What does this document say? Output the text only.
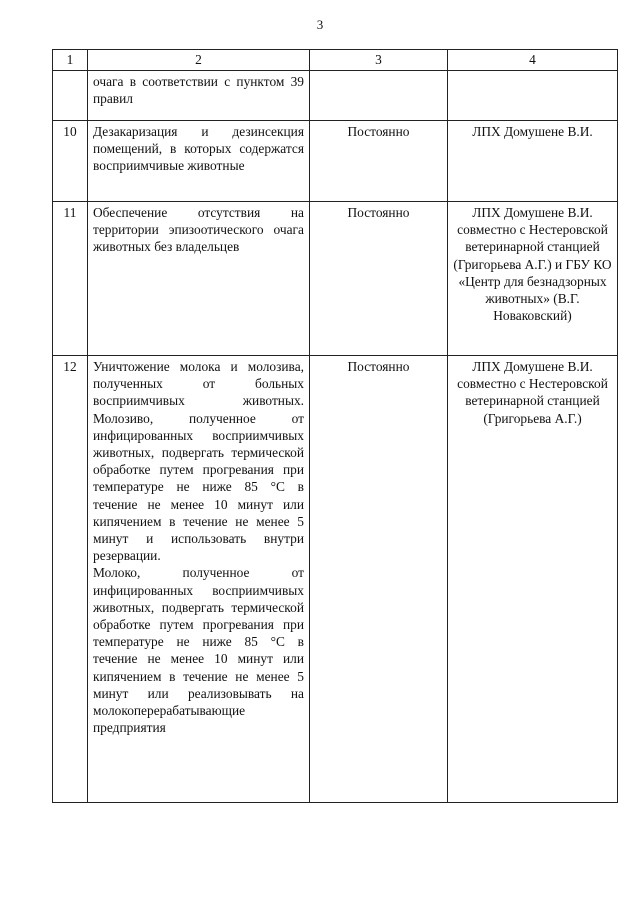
3
1	2	3	4
	очага в соответствии с пунктом 39 правил		
10	Дезакаризация и дезинсекция помещений, в которых содержатся восприимчивые животные	Постоянно	ЛПХ Домушене В.И.
11	Обеспечение отсутствия на территории эпизоотического очага животных без владельцев	Постоянно	ЛПХ Домушене В.И. совместно с Нестеровской ветеринарной станцией (Григорьева А.Г.) и ГБУ КО «Центр для безнадзорных животных» (В.Г. Новаковский)
12	Уничтожение молока и молозива, полученных от больных восприимчивых животных. Молозиво, полученное от инфицированных восприимчивых животных, подвергать термической обработке путем прогревания при температуре не ниже 85 °С в течение не менее 10 минут или кипячением в течение не менее 5 минут и использовать внутри резервации.
Молоко, полученное от инфицированных восприимчивых животных, подвергать термической обработке путем прогревания при температуре не ниже 85 °С в течение не менее 10 минут или кипячением в течение не менее 5 минут или реализовывать на молокоперерабатывающие предприятия	Постоянно	ЛПХ Домушене В.И. совместно с Нестеровской ветеринарной станцией (Григорьева А.Г.)
